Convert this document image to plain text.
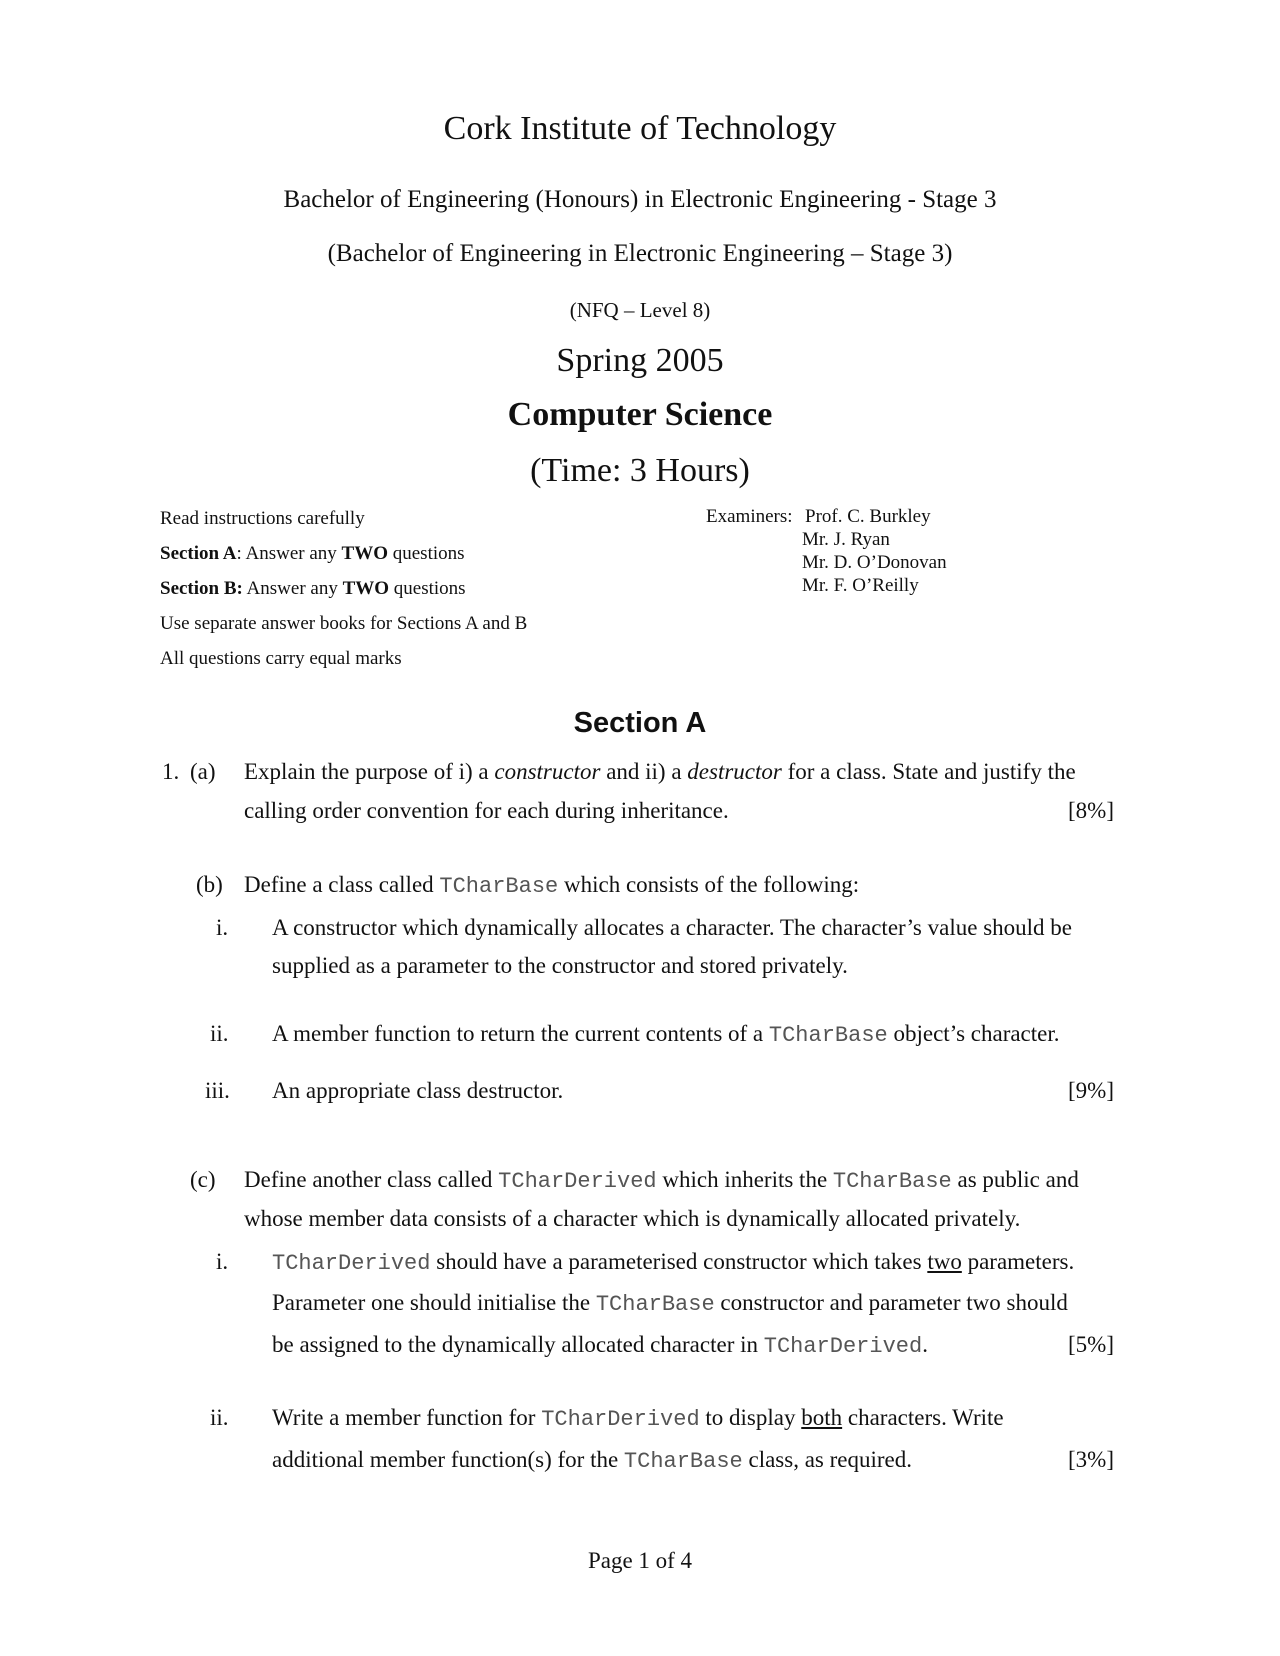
Cork Institute of Technology
Bachelor of Engineering (Honours) in Electronic Engineering - Stage 3
(Bachelor of Engineering in Electronic Engineering – Stage 3)
(NFQ – Level 8)
Spring 2005
Computer Science
(Time: 3 Hours)
Read instructions carefully
Section A: Answer any TWO questions
Section B: Answer any TWO questions
Use separate answer books for Sections A and B
All questions carry equal marks
Examiners: Prof. C. Burkley
Mr. J. Ryan
Mr. D. O’Donovan
Mr. F. O’Reilly
Section A
1. (a) Explain the purpose of i) a constructor and ii) a destructor for a class. State and justify the
calling order convention for each during inheritance.	[8%]
(b) Define a class called TCharBase which consists of the following:
i. A constructor which dynamically allocates a character. The character’s value should be
supplied as a parameter to the constructor and stored privately.
ii. A member function to return the current contents of a TCharBase object’s character.
iii. An appropriate class destructor.	[9%]
(c) Define another class called TCharDerived which inherits the TCharBase as public and
whose member data consists of a character which is dynamically allocated privately.
i. TCharDerived should have a parameterised constructor which takes two parameters.
Parameter one should initialise the TCharBase constructor and parameter two should
be assigned to the dynamically allocated character in TCharDerived.	[5%]
ii. Write a member function for TCharDerived to display both characters. Write
additional member function(s) for the TCharBase class, as required.	[3%]
Page 1 of 4
